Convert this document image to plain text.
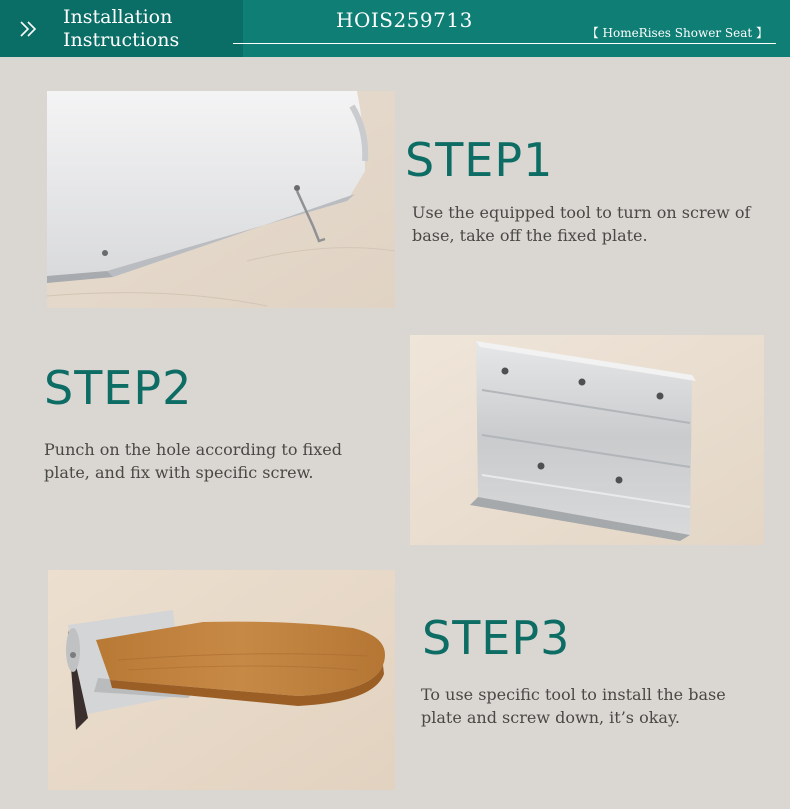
Installation
Instructions
HOIS259713
【 HomeRises Shower Seat 】
STEP1
Use the equipped tool to turn on screw of base, take off the fixed plate.
STEP2
Punch on the hole according to fixed plate, and fix with specific screw.
STEP3
To use specific tool to install the base plate and screw down, it’s okay.
